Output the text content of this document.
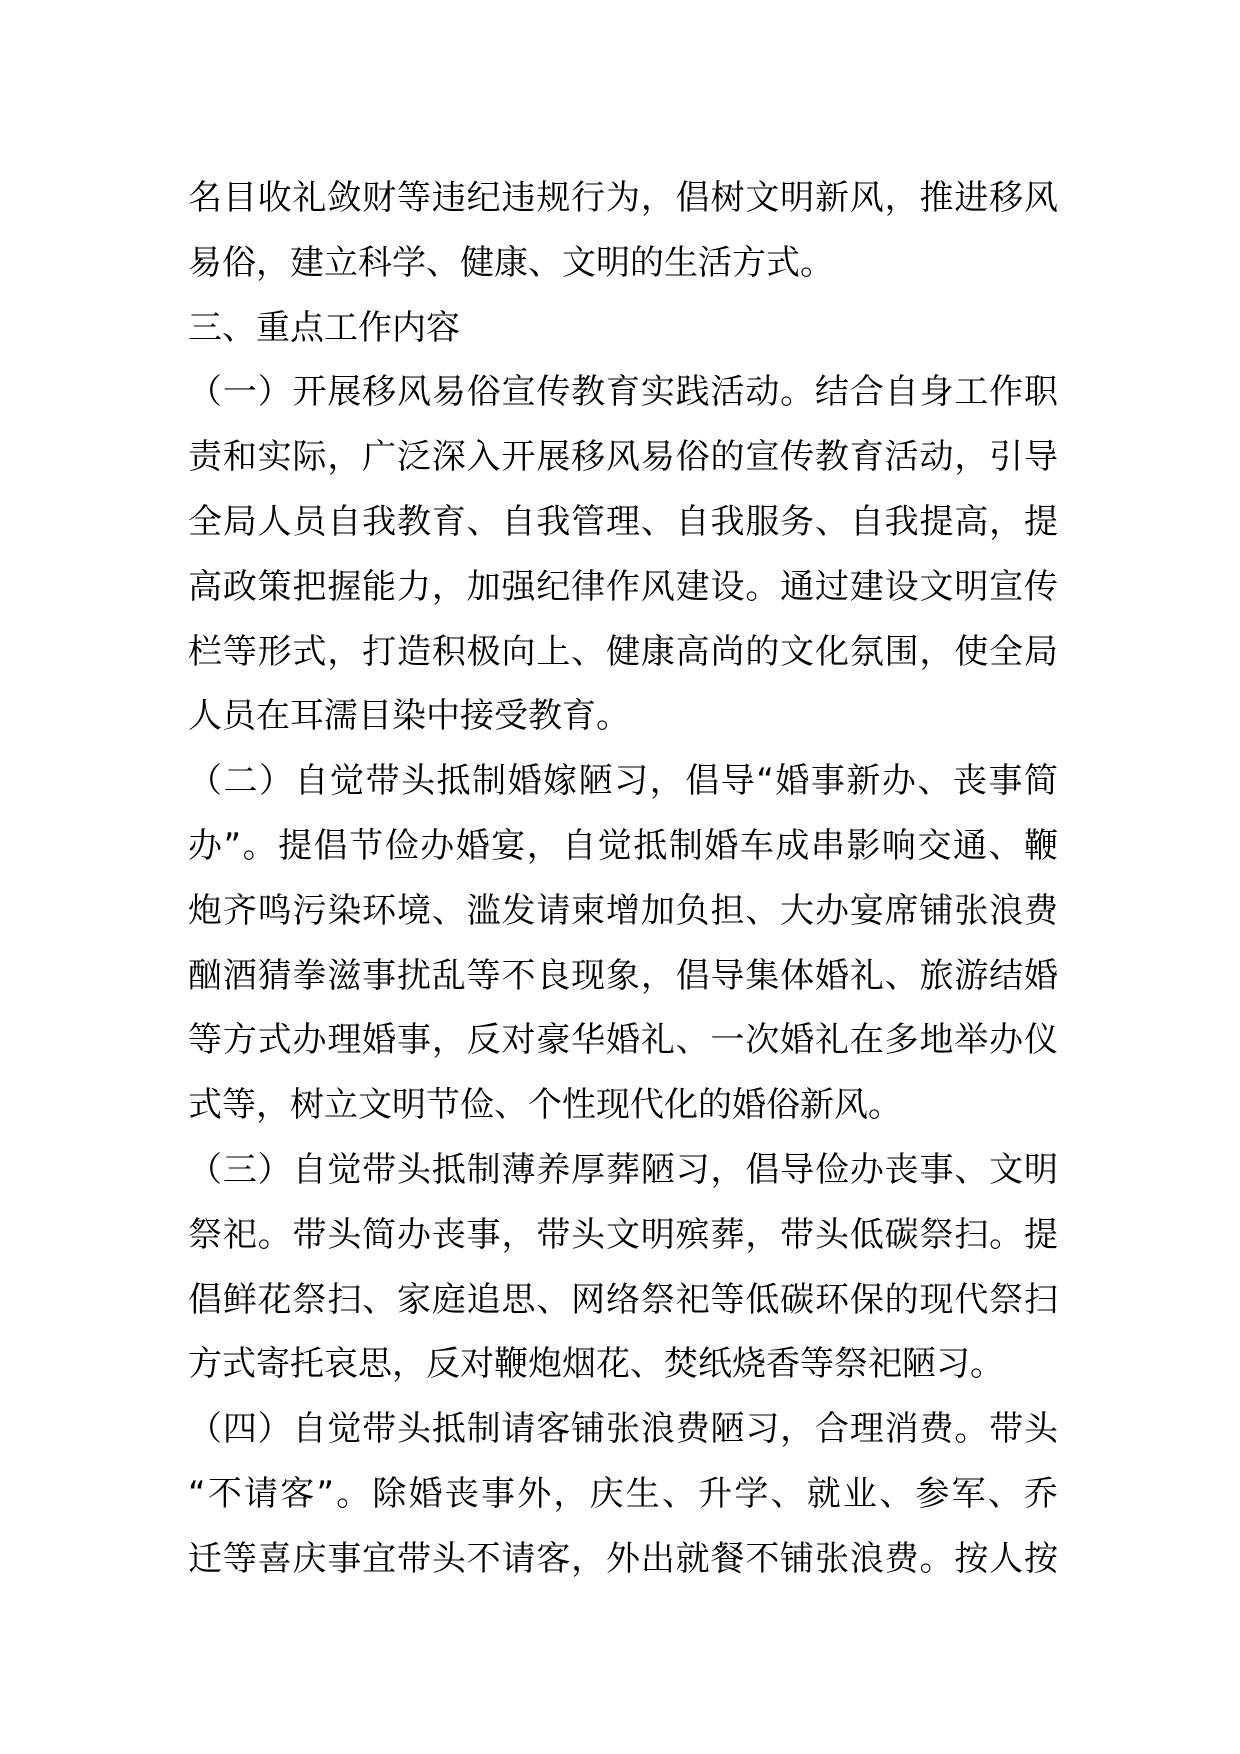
名目收礼敛财等违纪违规行为，倡树文明新风，推进移风
易俗，建立科学、健康、文明的生活方式。
三、重点工作内容
（一）开展移风易俗宣传教育实践活动。结合自身工作职
责和实际，广泛深入开展移风易俗的宣传教育活动，引导
全局人员自我教育、自我管理、自我服务、自我提高，提
高政策把握能力，加强纪律作风建设。通过建设文明宣传
栏等形式，打造积极向上、健康高尚的文化氛围，使全局
人员在耳濡目染中接受教育。
（二）自觉带头抵制婚嫁陋习，倡导“婚事新办、丧事简
办”。提倡节俭办婚宴，自觉抵制婚车成串影响交通、鞭
炮齐鸣污染环境、滥发请柬增加负担、大办宴席铺张浪费
酗酒猜拳滋事扰乱等不良现象，倡导集体婚礼、旅游结婚
等方式办理婚事，反对豪华婚礼、一次婚礼在多地举办仪
式等，树立文明节俭、个性现代化的婚俗新风。
（三）自觉带头抵制薄养厚葬陋习，倡导俭办丧事、文明
祭祀。带头简办丧事，带头文明殡葬，带头低碳祭扫。提
倡鲜花祭扫、家庭追思、网络祭祀等低碳环保的现代祭扫
方式寄托哀思，反对鞭炮烟花、焚纸烧香等祭祀陋习。
（四）自觉带头抵制请客铺张浪费陋习，合理消费。带头
“不请客”。除婚丧事外，庆生、升学、就业、参军、乔
迁等喜庆事宜带头不请客，外出就餐不铺张浪费。按人按
